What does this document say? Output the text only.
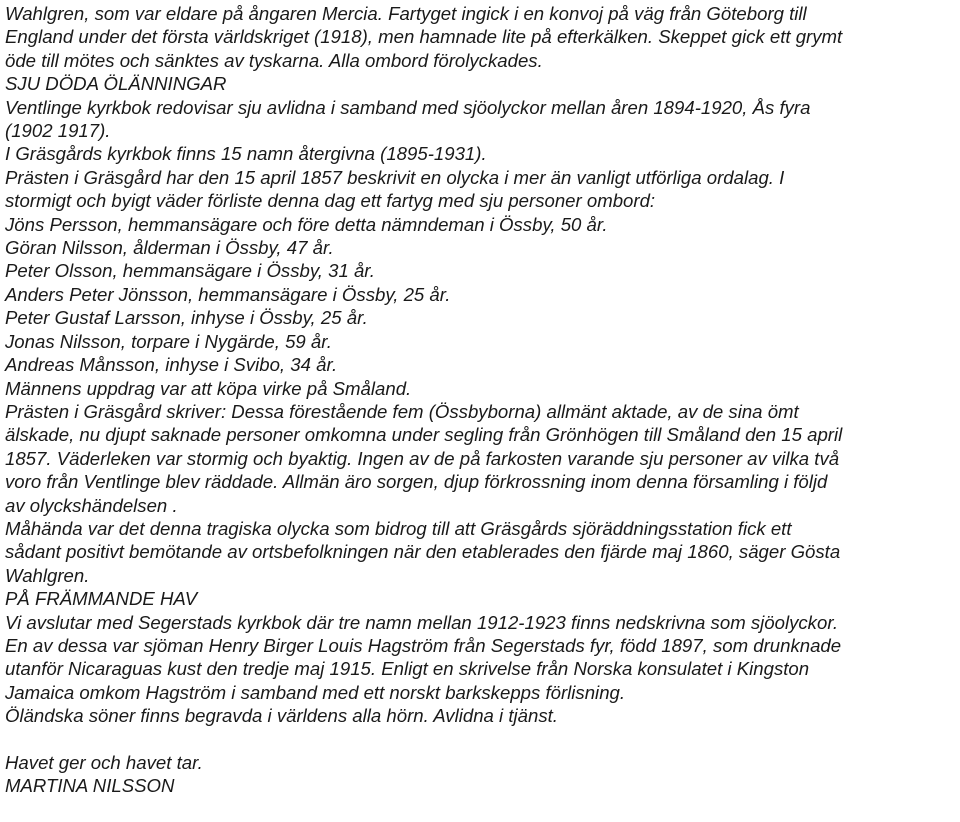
Wahlgren, som var eldare på ångaren Mercia. Fartyget ingick i en konvoj på väg från Göteborg till
England under det första världskriget (1918), men hamnade lite på efterkälken. Skeppet gick ett grymt
öde till mötes och sänktes av tyskarna. Alla ombord förolyckades.
SJU DÖDA ÖLÄNNINGAR
Ventlinge kyrkbok redovisar sju avlidna i samband med sjöolyckor mellan åren 1894-1920, Ås fyra
(1902 1917).
I Gräsgårds kyrkbok finns 15 namn återgivna (1895-1931).
Prästen i Gräsgård har den 15 april 1857 beskrivit en olycka i mer än vanligt utförliga ordalag. I
stormigt och byigt väder förliste denna dag ett fartyg med sju personer ombord:
Jöns Persson, hemmansägare och före detta nämndeman i Össby, 50 år.
Göran Nilsson, ålderman i Össby, 47 år.
Peter Olsson, hemmansägare i Össby, 31 år.
Anders Peter Jönsson, hemmansägare i Össby, 25 år.
Peter Gustaf Larsson, inhyse i Össby, 25 år.
Jonas Nilsson, torpare i Nygärde, 59 år.
Andreas Månsson, inhyse i Svibo, 34 år.
Männens uppdrag var att köpa virke på Småland.
Prästen i Gräsgård skriver: Dessa förestående fem (Össbyborna) allmänt aktade, av de sina ömt
älskade, nu djupt saknade personer omkomna under segling från Grönhögen till Småland den 15 april
1857. Väderleken var stormig och byaktig. Ingen av de på farkosten varande sju personer av vilka två
voro från Ventlinge blev räddade. Allmän äro sorgen, djup förkrossning inom denna församling i följd
av olyckshändelsen .
Måhända var det denna tragiska olycka som bidrog till att Gräsgårds sjöräddningsstation fick ett
sådant positivt bemötande av ortsbefolkningen när den etablerades den fjärde maj 1860, säger Gösta
Wahlgren.
PÅ FRÄMMANDE HAV
Vi avslutar med Segerstads kyrkbok där tre namn mellan 1912-1923 finns nedskrivna som sjöolyckor.
En av dessa var sjöman Henry Birger Louis Hagström från Segerstads fyr, född 1897, som drunknade
utanför Nicaraguas kust den tredje maj 1915. Enligt en skrivelse från Norska konsulatet i Kingston
Jamaica omkom Hagström i samband med ett norskt barkskepps förlisning.
Öländska söner finns begravda i världens alla hörn. Avlidna i tjänst.
Havet ger och havet tar.
MARTINA NILSSON
